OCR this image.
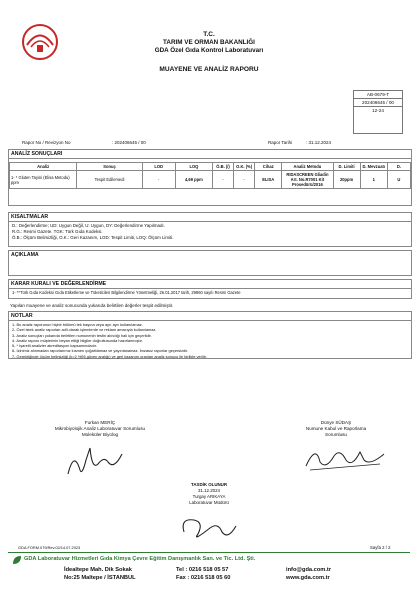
T.C.
TARIM VE ORMAN BAKANLIĞI
GDA Özel Gıda Kontrol Laboratuvarı
MUAYENE VE ANALİZ RAPORU
AB-0679-T
202406645 / 00
12-24
Rapor No / Revizyon No	: 202406645 / 00	Rapor Tarihi	: 31.12.2024
ANALİZ SONUÇLARI
Analiz	Sonuç	LOD	LOQ	Ö.B. (/)	O.K. (%)	Cihaz	Analiz Metodu	D. Limiti	D. Mevzuatı	D.
1- * Gluten Tayini (Elisa Metodu) ppm	Tespit Edilemedi	-	4,69 ppm	-	-	ELISA	RIDASCREEN Gliadin Art. No.R7001 Kit Prosedürü/2016	20ppm	1	U
KISALTMALAR
D.: Değerlendirme; UD: Uygun Değil, U: Uygun, DY: Değerlendirme Yapılmadı.
R.G.: Resmi Gazete. TGK: Türk Gıda Kodeksi.
Ö.B.: Ölçüm Belirsizliği, O.K.: Geri Kazanım, LOD: Tespit Limiti, LOQ: Ölçüm Limiti.
AÇIKLAMA
KARAR KURALI VE DEĞERLENDİRME
1- **Türk Gıda Kodeksi Gıda Etiketleme ve Tüketicileri Bilgilendirme Yönetmeliği, 26.01.2017 tarih, 29960 sayılı Resmi Gazete
Yapılan muayene ve analiz sonucunda yukarıda belirtilen değerler tespit edilmiştir.
NOTLAR

1- Bu analiz raporunun hiçbir bölümü tek başına veya ayrı ayrı kullanılamaz.

2- Özel istek analiz raporları adli olarak işlemlerde ve reklam amacıyla kullanılamaz.

3- Analiz sonuçları yukarıda belirtilen numunenin testin alındığı hali için geçerlidir.

4- Analiz raporu müşterinin beyan ettiği bilgiler doğrultusunda hazırlanmıştır.

5- * İşaretli analizler akreditasyon kapsamındadır.

6- İzinimiz alınmadan raporlarımız kısmen çoğaltılamaz ve yayınlanamaz. İmzasız raporlar geçersizdir.

7- Gerektiğinde ölçüm belirsizliği (k=2 %95 güven aralığı) ve geri kazanım oranları analiz sonucu ile birlikte verilir.

Furkan MERİÇ
Mikrobiyolojik Analiz Laboratuvar Sorumlusu
Moleküler Biyolog
Dünye SÜDAŞ
Numune Kabul ve Raporlama
Sorumlusu
TASDİK OLUNUR
31.12.2024
Turgay ARIKAYA
Laboratuvar Müdürü
GDA.FORM.079/Rev.02/14.07.2023	Sayfa 2 / 2
GDA Laboratuvar Hizmetleri Gıda Kimya Çevre Eğitim Danışmanlık San. ve Tic. Ltd. Şti.
İdealtepe Mah. Dik Sokak
No:25 Maltepe / İSTANBUL
Tel : 0216 518 05 57
Fax : 0216 518 05 60
info@gda.com.tr
www.gda.com.tr
